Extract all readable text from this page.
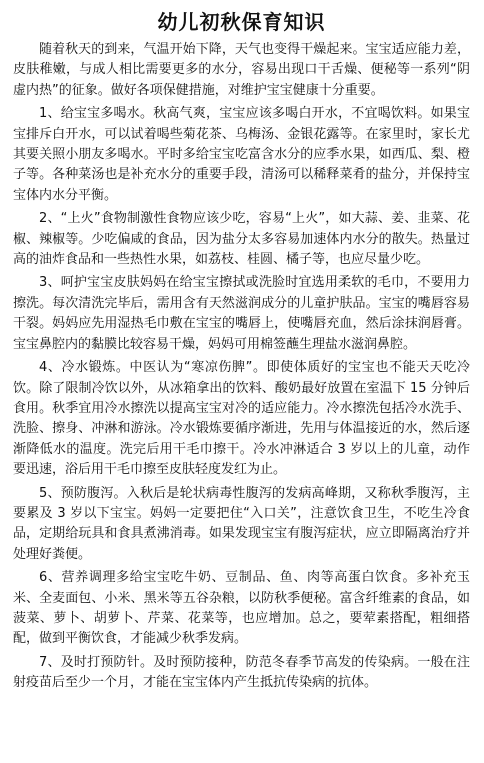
幼儿初秋保育知识

随着秋天的到来，气温开始下降，天气也变得干燥起来。宝宝适应能力差，皮肤稚嫩，与成人相比需要更多的水分，容易出现口干舌燥、便秘等一系列“阴虚内热”的征象。做好各项保健措施，对维护宝宝健康十分重要。

1、给宝宝多喝水。秋高气爽，宝宝应该多喝白开水，不宜喝饮料。如果宝宝排斥白开水，可以试着喝些菊花茶、乌梅汤、金银花露等。在家里时，家长尤其要关照小朋友多喝水。平时多给宝宝吃富含水分的应季水果，如西瓜、梨、橙子等。各种菜汤也是补充水分的重要手段，清汤可以稀释菜肴的盐分，并保持宝宝体内水分平衡。

2、“上火”食物制激性食物应该少吃，容易“上火”，如大蒜、姜、韭菜、花椒、辣椒等。少吃偏咸的食品，因为盐分太多容易加速体内水分的散失。热量过高的油炸食品和一些热性水果，如荔枝、桂圆、橘子等，也应尽量少吃。

3、呵护宝宝皮肤妈妈在给宝宝擦拭或洗脸时宜选用柔软的毛巾，不要用力擦洗。每次清洗完毕后，需用含有天然滋润成分的儿童护肤品。宝宝的嘴唇容易干裂。妈妈应先用湿热毛巾敷在宝宝的嘴唇上，使嘴唇充血，然后涂抹润唇膏。宝宝鼻腔内的黏膜比较容易干燥，妈妈可用棉签蘸生理盐水滋润鼻腔。

4、冷水锻炼。中医认为“寒凉伤脾”。即使体质好的宝宝也不能天天吃冷饮。除了限制冷饮以外，从冰箱拿出的饮料、酸奶最好放置在室温下 15 分钟后食用。秋季宜用冷水擦洗以提高宝宝对冷的适应能力。冷水擦洗包括冷水洗手、洗脸、擦身、冲淋和游泳。冷水锻炼要循序渐进，先用与体温接近的水，然后逐渐降低水的温度。洗完后用干毛巾擦干。冷水冲淋适合 3 岁以上的儿童，动作要迅速，浴后用干毛巾擦至皮肤轻度发红为止。

5、预防腹泻。入秋后是轮状病毒性腹泻的发病高峰期，又称秋季腹泻，主要累及 3 岁以下宝宝。妈妈一定要把住“入口关”，注意饮食卫生，不吃生冷食品，定期给玩具和食具煮沸消毒。如果发现宝宝有腹泻症状，应立即隔离治疗并处理好粪便。

6、营养调理多给宝宝吃牛奶、豆制品、鱼、肉等高蛋白饮食。多补充玉米、全麦面包、小米、黑米等五谷杂粮，以防秋季便秘。富含纤维素的食品，如菠菜、萝卜、胡萝卜、芹菜、花菜等，也应增加。总之，要荤素搭配，粗细搭配，做到平衡饮食，才能减少秋季发病。

7、及时打预防针。及时预防接种，防范冬春季节高发的传染病。一般在注射疫苗后至少一个月，才能在宝宝体内产生抵抗传染病的抗体。
